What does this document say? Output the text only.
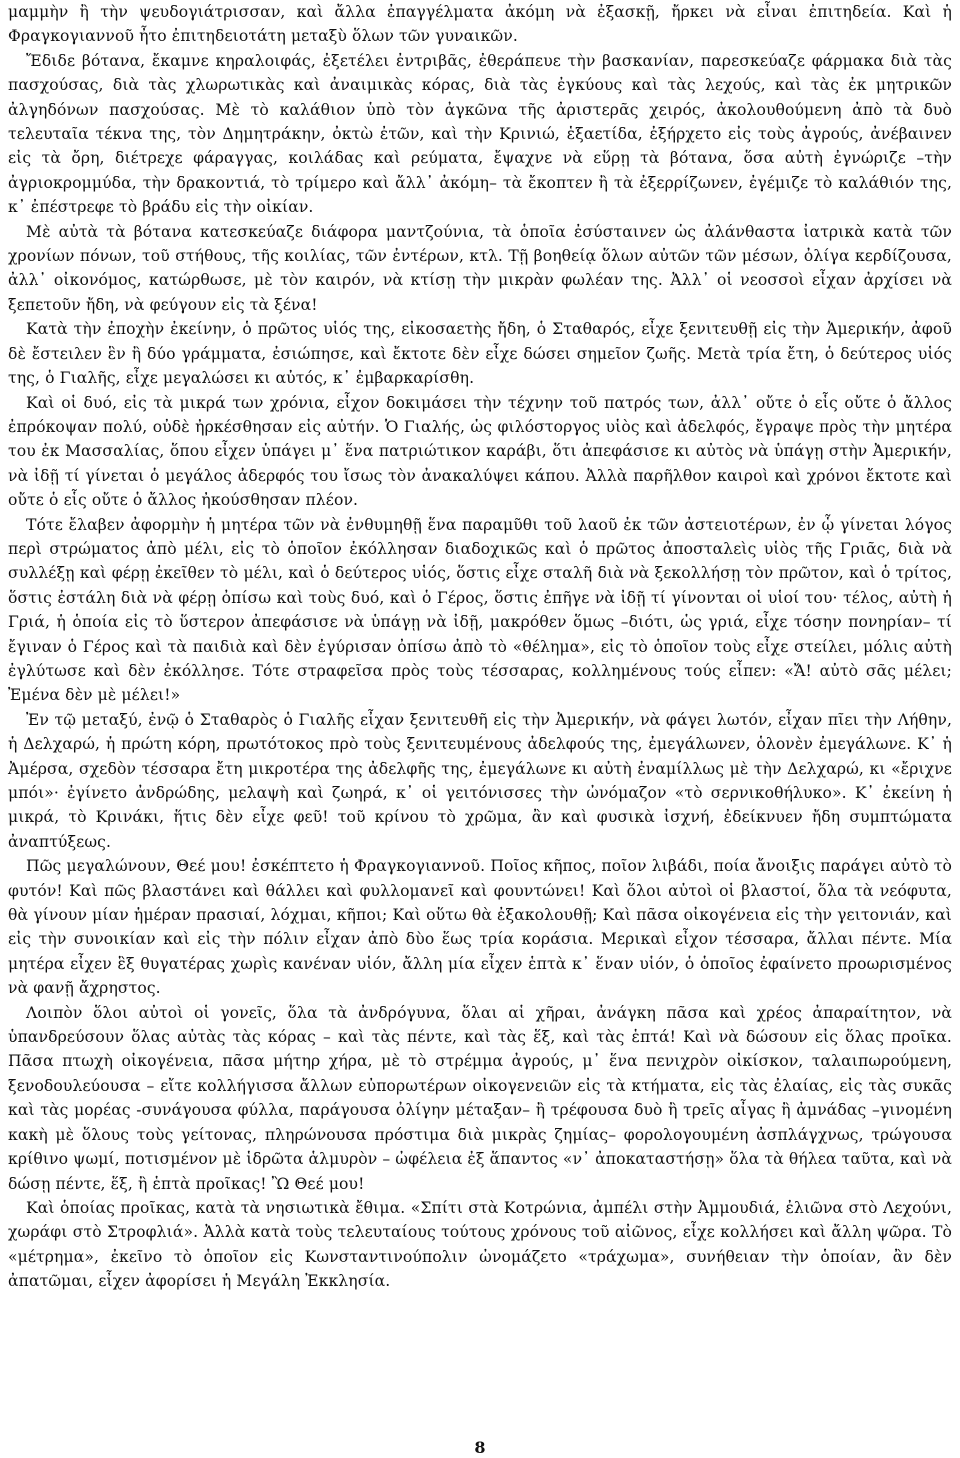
μαμμὴν ἢ τὴν ψευδογιάτρισσαν, καὶ ἄλλα ἐπαγγέλματα ἀκόμη νὰ ἐξασκῇ, ἤρκει νὰ εἶναι ἐπιτηδεία. Καὶ ἡ Φραγκογιαννοῦ ἦτο ἐπιτηδειοτάτη μεταξὺ ὅλων τῶν γυναικῶν.

Ἔδιδε βότανα, ἔκαμνε κηραλοιφάς, ἐξετέλει ἐντριβᾶς, ἐθεράπευε τὴν βασκανίαν, παρεσκεύαζε φάρμακα διὰ τὰς πασχούσας, διὰ τὰς χλωρωτικὰς καὶ ἀναιμικὰς κόρας, διὰ τὰς ἐγκύους καὶ τὰς λεχούς, καὶ τὰς ἐκ μητρικῶν ἀλγηδόνων πασχούσας. Μὲ τὸ καλάθιον ὑπὸ τὸν ἀγκῶνα τῆς ἀριστερᾶς χειρός, ἀκολουθούμενη ἀπὸ τὰ δυὸ τελευταῖα τέκνα της, τὸν Δημητράκην, ὀκτὼ ἐτῶν, καὶ τὴν Κρινιώ, ἑξαετίδα, ἐξήρχετο εἰς τοὺς ἀγρούς, ἀνέβαινεν εἰς τὰ ὄρη, διέτρεχε φάραγγας, κοιλάδας καὶ ρεύματα, ἔψαχνε νὰ εὕρῃ τὰ βότανα, ὅσα αὐτὴ ἐγνώριζε –τὴν ἀγριοκρομμύδα, τὴν δρακοντιά, τὸ τρίμερο καὶ ἄλλ᾽ ἀκόμη– τὰ ἔκοπτεν ἢ τὰ ἐξερρίζωνεν, ἐγέμιζε τὸ καλάθιόν της, κ᾽ ἐπέστρεφε τὸ βράδυ εἰς τὴν οἰκίαν.

Μὲ αὐτὰ τὰ βότανα κατεσκεύαζε διάφορα μαντζούνια, τὰ ὁποῖα ἐσύσταινεν ὡς ἀλάνθαστα ἰατρικὰ κατὰ τῶν χρονίων πόνων, τοῦ στήθους, τῆς κοιλίας, τῶν ἐντέρων, κτλ. Τῇ βοηθείᾳ ὅλων αὐτῶν τῶν μέσων, ὀλίγα κερδίζουσα, ἀλλ᾽ οἰκονόμος, κατώρθωσε, μὲ τὸν καιρόν, νὰ κτίσῃ τὴν μικρὰν φωλέαν της. Ἀλλ᾽ οἱ νεοσσοὶ εἶχαν ἀρχίσει νὰ ξεπετοῦν ἤδη, νὰ φεύγουν εἰς τὰ ξένα!

Κατὰ τὴν ἐποχὴν ἐκείνην, ὁ πρῶτος υἱός της, εἰκοσαετὴς ἤδη, ὁ Σταθαρός, εἶχε ξενιτευθῇ εἰς τὴν Ἀμερικήν, ἀφοῦ δὲ ἔστειλεν ἓν ἢ δύο γράμματα, ἐσιώπησε, καὶ ἔκτοτε δὲν εἶχε δώσει σημεῖον ζωῆς. Μετὰ τρία ἔτη, ὁ δεύτερος υἱός της, ὁ Γιαλῆς, εἶχε μεγαλώσει κι αὐτός, κ᾽ ἐμβαρκαρίσθη.

Καὶ οἱ δυό, εἰς τὰ μικρά των χρόνια, εἶχον δοκιμάσει τὴν τέχνην τοῦ πατρός των, ἀλλ᾽ οὔτε ὁ εἷς οὔτε ὁ ἄλλος ἐπρόκοψαν πολύ, οὐδὲ ἠρκέσθησαν εἰς αὐτήν. Ὁ Γιαλής, ὡς φιλόστοργος υἱὸς καὶ ἀδελφός, ἔγραψε πρὸς τὴν μητέρα του ἐκ Μασσαλίας, ὅπου εἶχεν ὑπάγει μ᾽ ἕνα πατριώτικον καράβι, ὅτι ἀπεφάσισε κι αὐτὸς νὰ ὑπάγῃ στὴν Ἀμερικήν, νὰ ἰδῇ τί γίνεται ὁ μεγάλος ἀδερφός του ἴσως τὸν ἀνακαλύψει κάπου. Ἀλλὰ παρῆλθον καιροὶ καὶ χρόνοι ἔκτοτε καὶ οὔτε ὁ εἷς οὔτε ὁ ἄλλος ἠκούσθησαν πλέον.

Τότε ἔλαβεν ἀφορμὴν ἡ μητέρα τῶν νὰ ἐνθυμηθῇ ἕνα παραμῦθι τοῦ λαοῦ ἐκ τῶν ἀστειοτέρων, ἐν ᾧ γίνεται λόγος περὶ στρώματος ἀπὸ μέλι, εἰς τὸ ὁποῖον ἐκόλλησαν διαδοχικῶς καὶ ὁ πρῶτος ἀποσταλεὶς υἱὸς τῆς Γριᾶς, διὰ νὰ συλλέξῃ καὶ φέρῃ ἐκεῖθεν τὸ μέλι, καὶ ὁ δεύτερος υἱός, ὅστις εἶχε σταλῆ διὰ νὰ ξεκολλήσῃ τὸν πρῶτον, καὶ ὁ τρίτος, ὅστις ἐστάλη διὰ νὰ φέρῃ ὀπίσω καὶ τοὺς δυό, καὶ ὁ Γέρος, ὅστις ἐπῆγε νὰ ἰδῇ τί γίνονται οἱ υἱοί του· τέλος, αὐτὴ ἡ Γριά, ἡ ὁποία εἰς τὸ ὕστερον ἀπεφάσισε νὰ ὑπάγῃ νὰ ἰδῇ, μακρόθεν ὅμως –διότι, ὡς γριά, εἶχε τόσην πονηρίαν– τί ἔγιναν ὁ Γέρος καὶ τὰ παιδιὰ καὶ δὲν ἐγύρισαν ὀπίσω ἀπὸ τὸ «θέλημα», εἰς τὸ ὁποῖον τοὺς εἶχε στείλει, μόλις αὐτὴ ἐγλύτωσε καὶ δὲν ἐκόλλησε. Τότε στραφεῖσα πρὸς τοὺς τέσσαρας, κολλημένους τούς εἶπεν: «Ἄ! αὐτὸ σᾶς μέλει; Ἐμένα δὲν μὲ μέλει!»

Ἐν τῷ μεταξύ, ἐνῷ ὁ Σταθαρὸς ὁ Γιαλῆς εἶχαν ξενιτευθῆ εἰς τὴν Ἀμερικήν, νὰ φάγει λωτόν, εἶχαν πῖει τὴν Λήθην, ἡ Δελχαρώ, ἡ πρώτη κόρη, πρωτότοκος πρὸ τοὺς ξενιτευμένους ἀδελφούς της, ἐμεγάλωνεν, ὁλονὲν ἐμεγάλωνε. Κ᾽ ἡ Ἀμέρσα, σχεδὸν τέσσαρα ἔτη μικροτέρα της ἀδελφῆς της, ἐμεγάλωνε κι αὐτὴ ἐναμίλλως μὲ τὴν Δελχαρώ, κι «ἔριχνε μπόι»· ἐγίνετο ἀνδρώδης, μελαψὴ καὶ ζωηρά, κ᾽ οἱ γειτόνισσες τὴν ὠνόμαζον «τὸ σερνικοθήλυκο». Κ᾽ ἐκείνη ἡ μικρά, τὸ Κρινάκι, ἥτις δὲν εἶχε φεῦ! τοῦ κρίνου τὸ χρῶμα, ἂν καὶ φυσικὰ ἰσχνή, ἐδείκνυεν ἤδη συμπτώματα ἀναπτύξεως.

Πῶς μεγαλώνουν, Θεέ μου! ἐσκέπτετο ἡ Φραγκογιαννοῦ. Ποῖος κῆπος, ποῖον λιβάδι, ποία ἄνοιξις παράγει αὐτὸ τὸ φυτόν! Καὶ πῶς βλαστάνει καὶ θάλλει καὶ φυλλομανεῖ καὶ φουντώνει! Καὶ ὅλοι αὐτοὶ οἱ βλαστοί, ὅλα τὰ νεόφυτα, θὰ γίνουν μίαν ἡμέραν πρασιαί, λόχμαι, κῆποι; Καὶ οὕτω θὰ ἐξακολουθῇ; Καὶ πᾶσα οἰκογένεια εἰς τὴν γειτονιάν, καὶ εἰς τὴν συνοικίαν καὶ εἰς τὴν πόλιν εἶχαν ἀπὸ δὺο ἕως τρία κοράσια. Μερικαὶ εἶχον τέσσαρα, ἄλλαι πέντε. Μία μητέρα εἶχεν ἓξ θυγατέρας χωρὶς κανέναν υἱόν, ἄλλη μία εἶχεν ἑπτὰ κ᾽ ἕναν υἱόν, ὁ ὁποῖος ἐφαίνετο προωρισμένος νὰ φανῇ ἄχρηστος.

Λοιπὸν ὅλοι αὐτοὶ οἱ γονεῖς, ὅλα τὰ ἀνδρόγυνα, ὅλαι αἱ χῆραι, ἀνάγκη πᾶσα καὶ χρέος ἀπαραίτητον, νὰ ὑπανδρεύσουν ὅλας αὐτὰς τὰς κόρας – καὶ τὰς πέντε, καὶ τὰς ἕξ, καὶ τὰς ἑπτά! Καὶ νὰ δώσουν εἰς ὅλας προῖκα. Πᾶσα πτωχὴ οἰκογένεια, πᾶσα μήτηρ χήρα, μὲ τὸ στρέμμα ἀγρούς, μ᾽ ἕνα πενιχρὸν οἰκίσκον, ταλαιπωρούμενη, ξενοδουλεύουσα – εἴτε κολλήγισσα ἄλλων εὐπορωτέρων οἰκογενειῶν εἰς τὰ κτήματα, εἰς τὰς ἐλαίας, εἰς τὰς συκᾶς καὶ τὰς μορέας -συνάγουσα φύλλα, παράγουσα ὀλίγην μέταξαν– ἢ τρέφουσα δυὸ ἢ τρεῖς αἶγας ἢ ἀμνάδας –γινομένη κακὴ μὲ ὅλους τοὺς γείτονας, πληρώνουσα πρόστιμα διὰ μικρὰς ζημίας– φορολογουμένη ἀσπλάγχνως, τρώγουσα κρίθινο ψωμί, ποτισμένον μὲ ἱδρῶτα ἁλμυρὸν – ὠφέλεια ἐξ ἅπαντος «ν᾽ ἀποκαταστήσῃ» ὅλα τὰ θήλεα ταῦτα, καὶ νὰ δώσῃ πέντε, ἕξ, ἢ ἑπτὰ προῖκας! Ὢ Θεέ μου!

Καὶ ὁποίας προῖκας, κατὰ τὰ νησιωτικὰ ἔθιμα. «Σπίτι στὰ Κοτρώνια, ἀμπέλι στὴν Ἀμμουδιά, ἐλιῶνα στὸ Λεχούνι, χωράφι στὸ Στροφλιά». Ἀλλὰ κατὰ τοὺς τελευταίους τούτους χρόνους τοῦ αἰῶνος, εἶχε κολλήσει καὶ ἄλλη ψῶρα. Τὸ «μέτρημα», ἐκεῖνο τὸ ὁποῖον εἰς Κωνσταντινούπολιν ὠνομάζετο «τράχωμα», συνήθειαν τὴν ὁποίαν, ἂν δὲν ἀπατῶμαι, εἶχεν ἀφορίσει ἡ Μεγάλη Ἐκκλησία.

8
